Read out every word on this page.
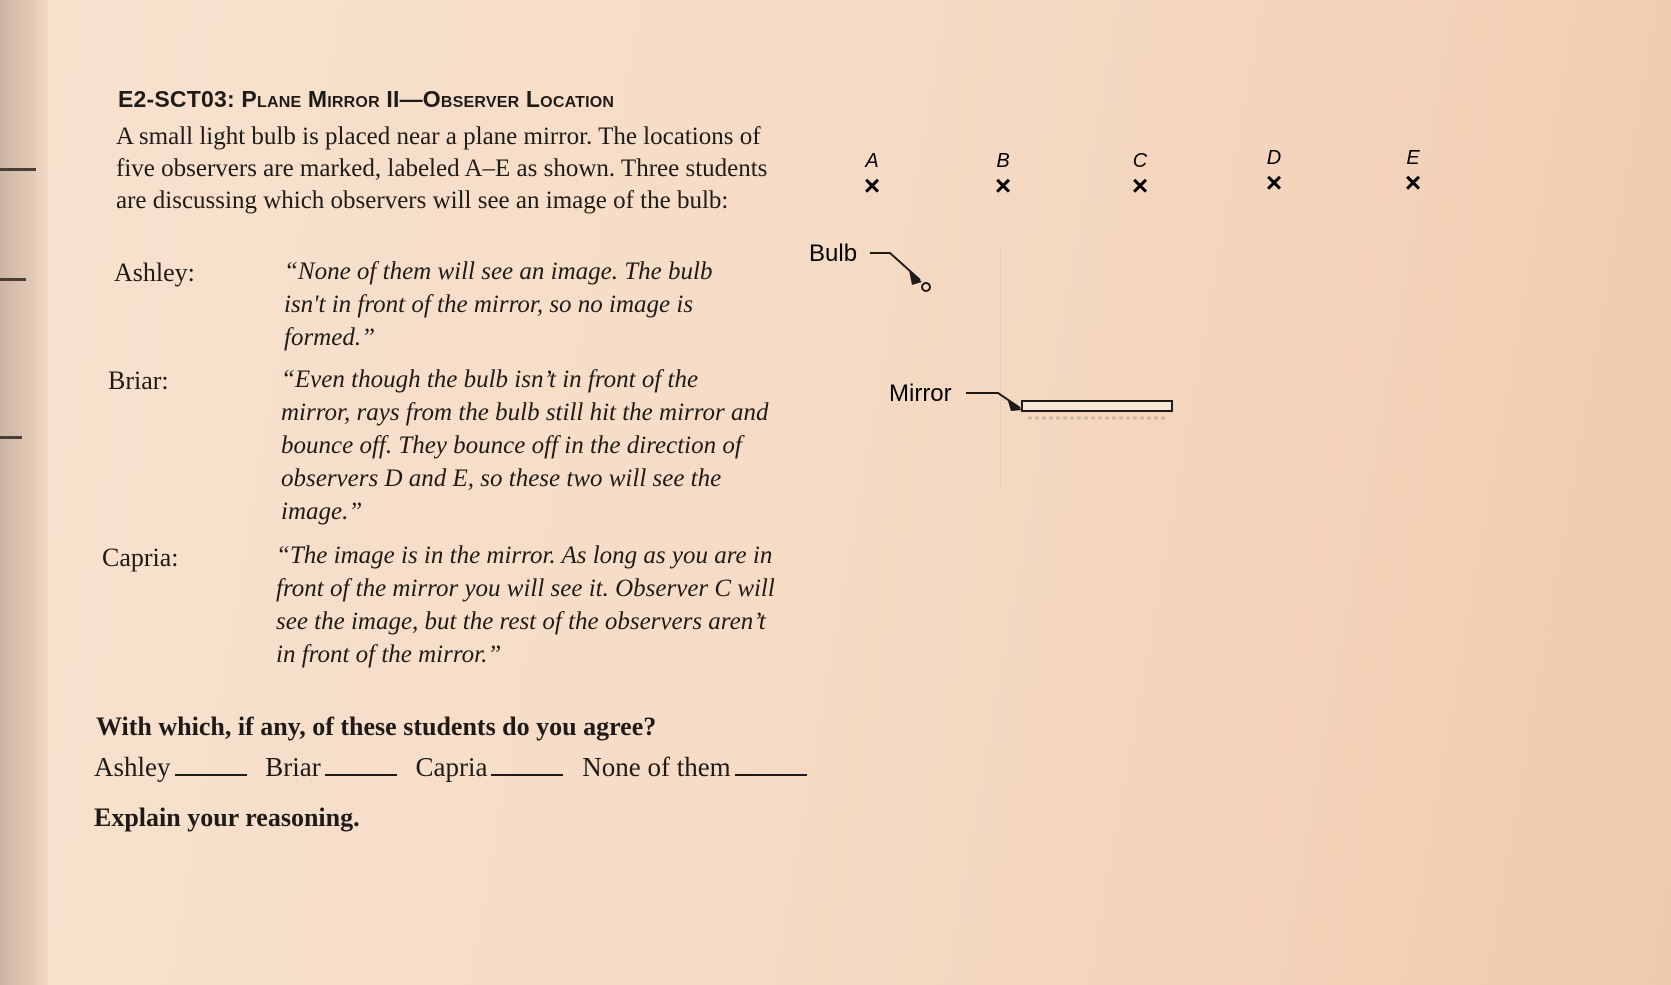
E2-SCT03: Plane Mirror II—Observer Location

A small light bulb is placed near a plane mirror. The locations of five observers are marked, labeled A–E as shown. Three students are discussing which observers will see an image of the bulb:

Ashley:	“None of them will see an image. The bulb isn't in front of the mirror, so no image is formed.”

Briar:	“Even though the bulb isn’t in front of the mirror, rays from the bulb still hit the mirror and bounce off. They bounce off in the direction of observers D and E, so these two will see the image.”

Capria:	“The image is in the mirror. As long as you are in front of the mirror you will see it. Observer C will see the image, but the rest of the observers aren’t in front of the mirror.”

With which, if any, of these students do you agree?

Ashley	Briar	Capria	None of them

Explain your reasoning.

A
×
B
×
C
×
D
×
E
×
Bulb
Mirror
